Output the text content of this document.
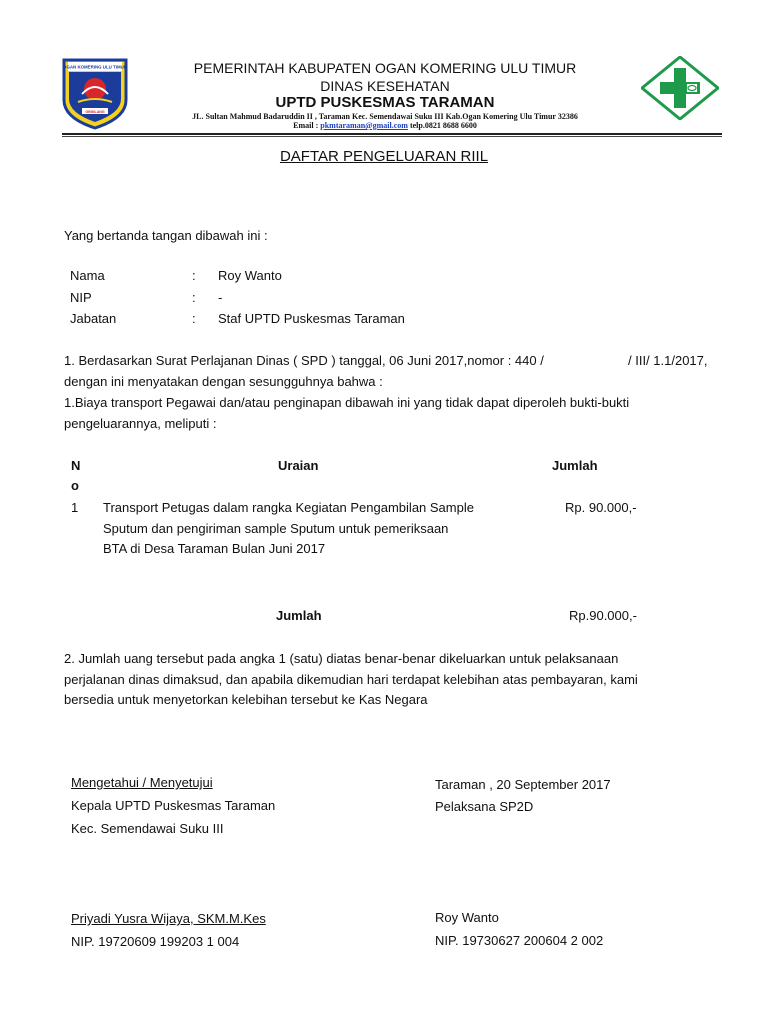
OGAN KOMERING ULU TIMUR
GEMILANG
PEMERINTAH KABUPATEN OGAN KOMERING ULU TIMUR
DINAS KESEHATAN
UPTD PUSKESMAS TARAMAN
JL. Sultan Mahmud Badaruddin II , Taraman Kec. Semendawai Suku III Kab.Ogan Komering Ulu Timur 32386
Email : pkmtaraman@gmail.com telp.0821 8688 6600
DAFTAR PENGELUARAN RIIL
Yang bertanda tangan dibawah ini :
Nama	: Roy Wanto
NIP	: -
Jabatan	: Staf UPTD Puskesmas Taraman
1. Berdasarkan Surat Perlajanan Dinas ( SPD ) tanggal, 06 Juni 2017,nomor : 440 /	/ III/ 1.1/2017,
dengan ini menyatakan dengan sesungguhnya bahwa :
1.Biaya transport Pegawai dan/atau penginapan dibawah ini yang tidak dapat diperoleh bukti-bukti
pengeluarannya, meliputi :
N
o
Uraian	Jumlah
1 Transport Petugas dalam rangka Kegiatan Pengambilan Sample
Sputum dan pengiriman sample Sputum untuk pemeriksaan
BTA di Desa Taraman Bulan Juni 2017
Rp. 90.000,-
Jumlah	Rp.90.000,-
2. Jumlah uang tersebut pada angka 1 (satu) diatas benar-benar dikeluarkan untuk pelaksanaan
perjalanan dinas dimaksud, dan apabila dikemudian hari terdapat kelebihan atas pembayaran, kami
bersedia untuk menyetorkan kelebihan tersebut ke Kas Negara
Mengetahui / Menyetujui
Kepala UPTD Puskesmas Taraman
Kec. Semendawai Suku III
Priyadi Yusra Wijaya, SKM.M.Kes
NIP. 19720609 199203 1 004
Taraman , 20 September 2017
Pelaksana SP2D
Roy Wanto
NIP. 19730627 200604 2 002
